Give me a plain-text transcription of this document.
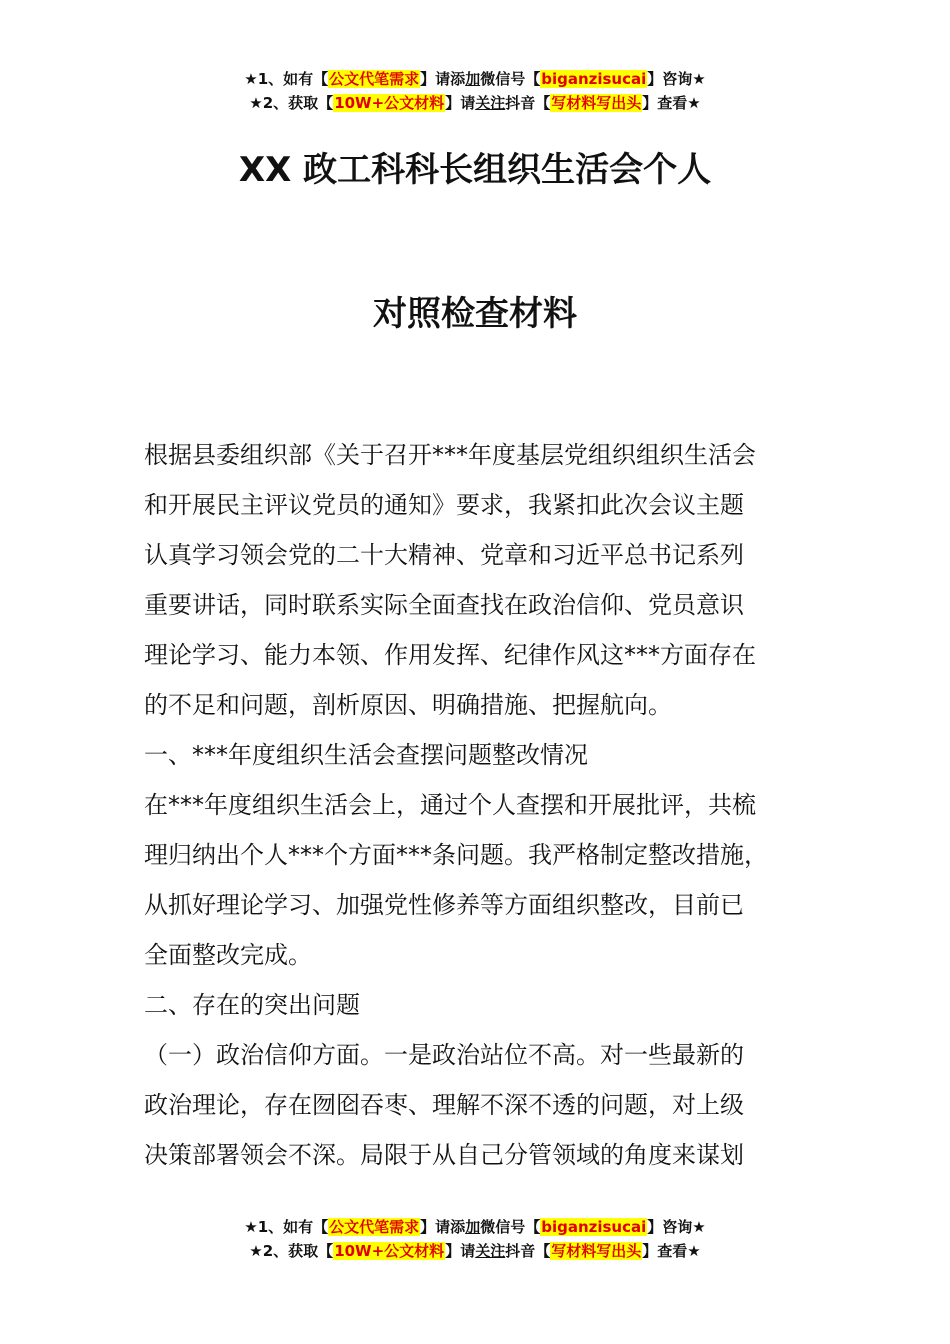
★1、如有【公文代笔需求】请添加微信号【biganzisucai】咨询★
★2、获取【10W+公文材料】请关注抖音【写材料写出头】查看★
XX 政工科科长组织生活会个人
对照检查材料
根据县委组织部《关于召开***年度基层党组织组织生活会
和开展民主评议党员的通知》要求，我紧扣此次会议主题
认真学习领会党的二十大精神、党章和习近平总书记系列
重要讲话，同时联系实际全面查找在政治信仰、党员意识
理论学习、能力本领、作用发挥、纪律作风这***方面存在
的不足和问题，剖析原因、明确措施、把握航向。
一、***年度组织生活会查摆问题整改情况
在***年度组织生活会上，通过个人查摆和开展批评，共梳
理归纳出个人***个方面***条问题。我严格制定整改措施，
从抓好理论学习、加强党性修养等方面组织整改，目前已
全面整改完成。
二、存在的突出问题
（一）政治信仰方面。一是政治站位不高。对一些最新的
政治理论，存在囫囵吞枣、理解不深不透的问题，对上级
决策部署领会不深。局限于从自己分管领域的角度来谋划
★1、如有【公文代笔需求】请添加微信号【biganzisucai】咨询★
★2、获取【10W+公文材料】请关注抖音【写材料写出头】查看★
